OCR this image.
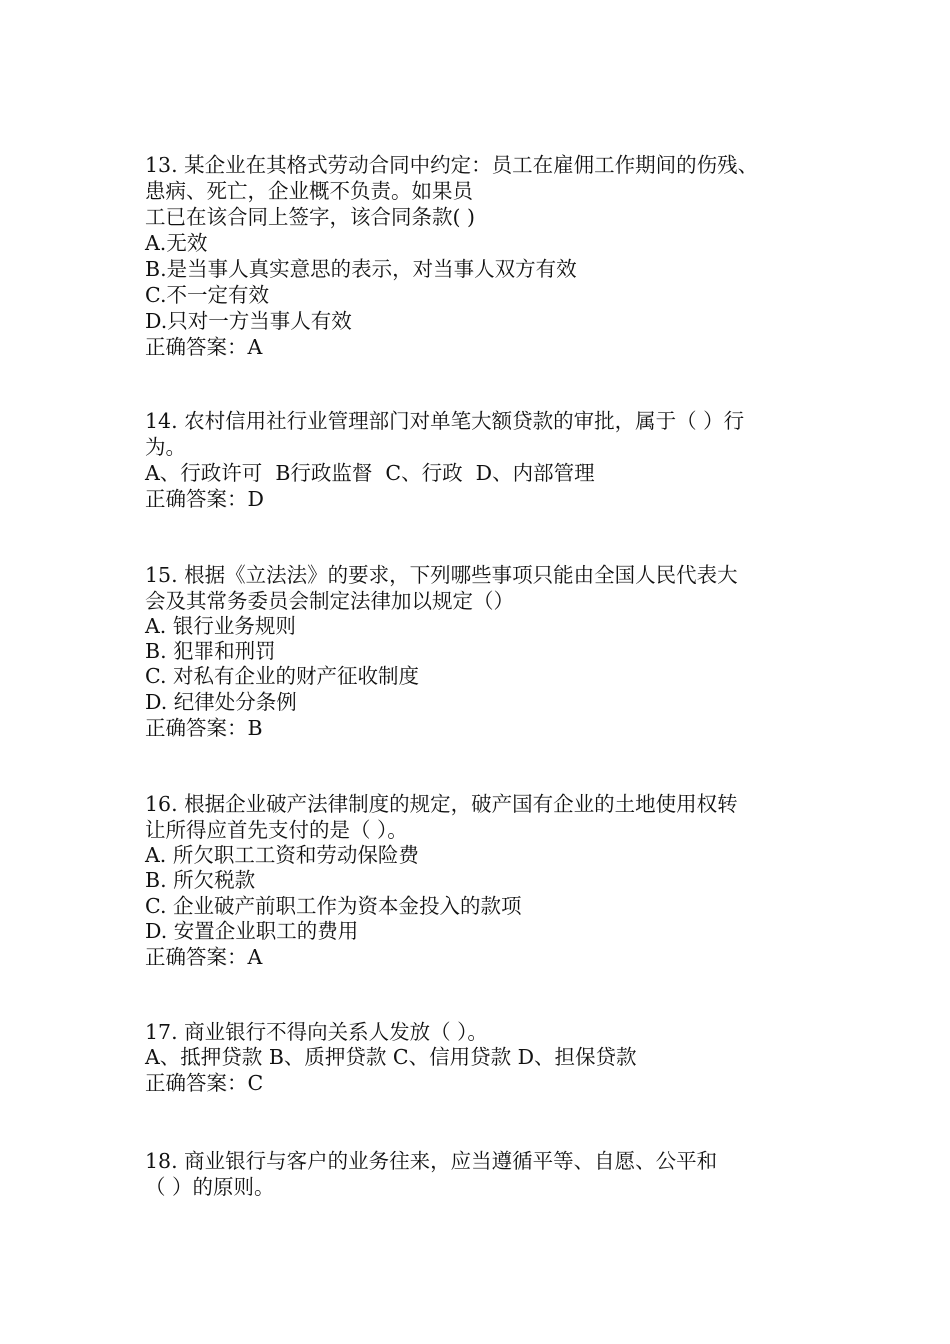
13. 某企业在其格式劳动合同中约定：员工在雇佣工作期间的伤残、

患病、死亡，企业概不负责。如果员

工已在该合同上签字，该合同条款( )

A.无效

B.是当事人真实意思的表示，对当事人双方有效

C.不一定有效

D.只对一方当事人有效

正确答案：A

14. 农村信用社行业管理部门对单笔大额贷款的审批，属于（ ）行

为。

A、行政许可  B行政监督  C、行政  D、内部管理

正确答案：D

15. 根据《立法法》的要求，下列哪些事项只能由全国人民代表大

会及其常务委员会制定法律加以规定（）

A. 银行业务规则

B. 犯罪和刑罚

C. 对私有企业的财产征收制度

D. 纪律处分条例

正确答案：B

16. 根据企业破产法律制度的规定，破产国有企业的土地使用权转

让所得应首先支付的是（ ）。

A. 所欠职工工资和劳动保险费

B. 所欠税款

C. 企业破产前职工作为资本金投入的款项

D. 安置企业职工的费用

正确答案：A

17. 商业银行不得向关系人发放（ ）。

A、抵押贷款 B、质押贷款 C、信用贷款 D、担保贷款

正确答案：C

18. 商业银行与客户的业务往来，应当遵循平等、自愿、公平和

（ ）的原则。
